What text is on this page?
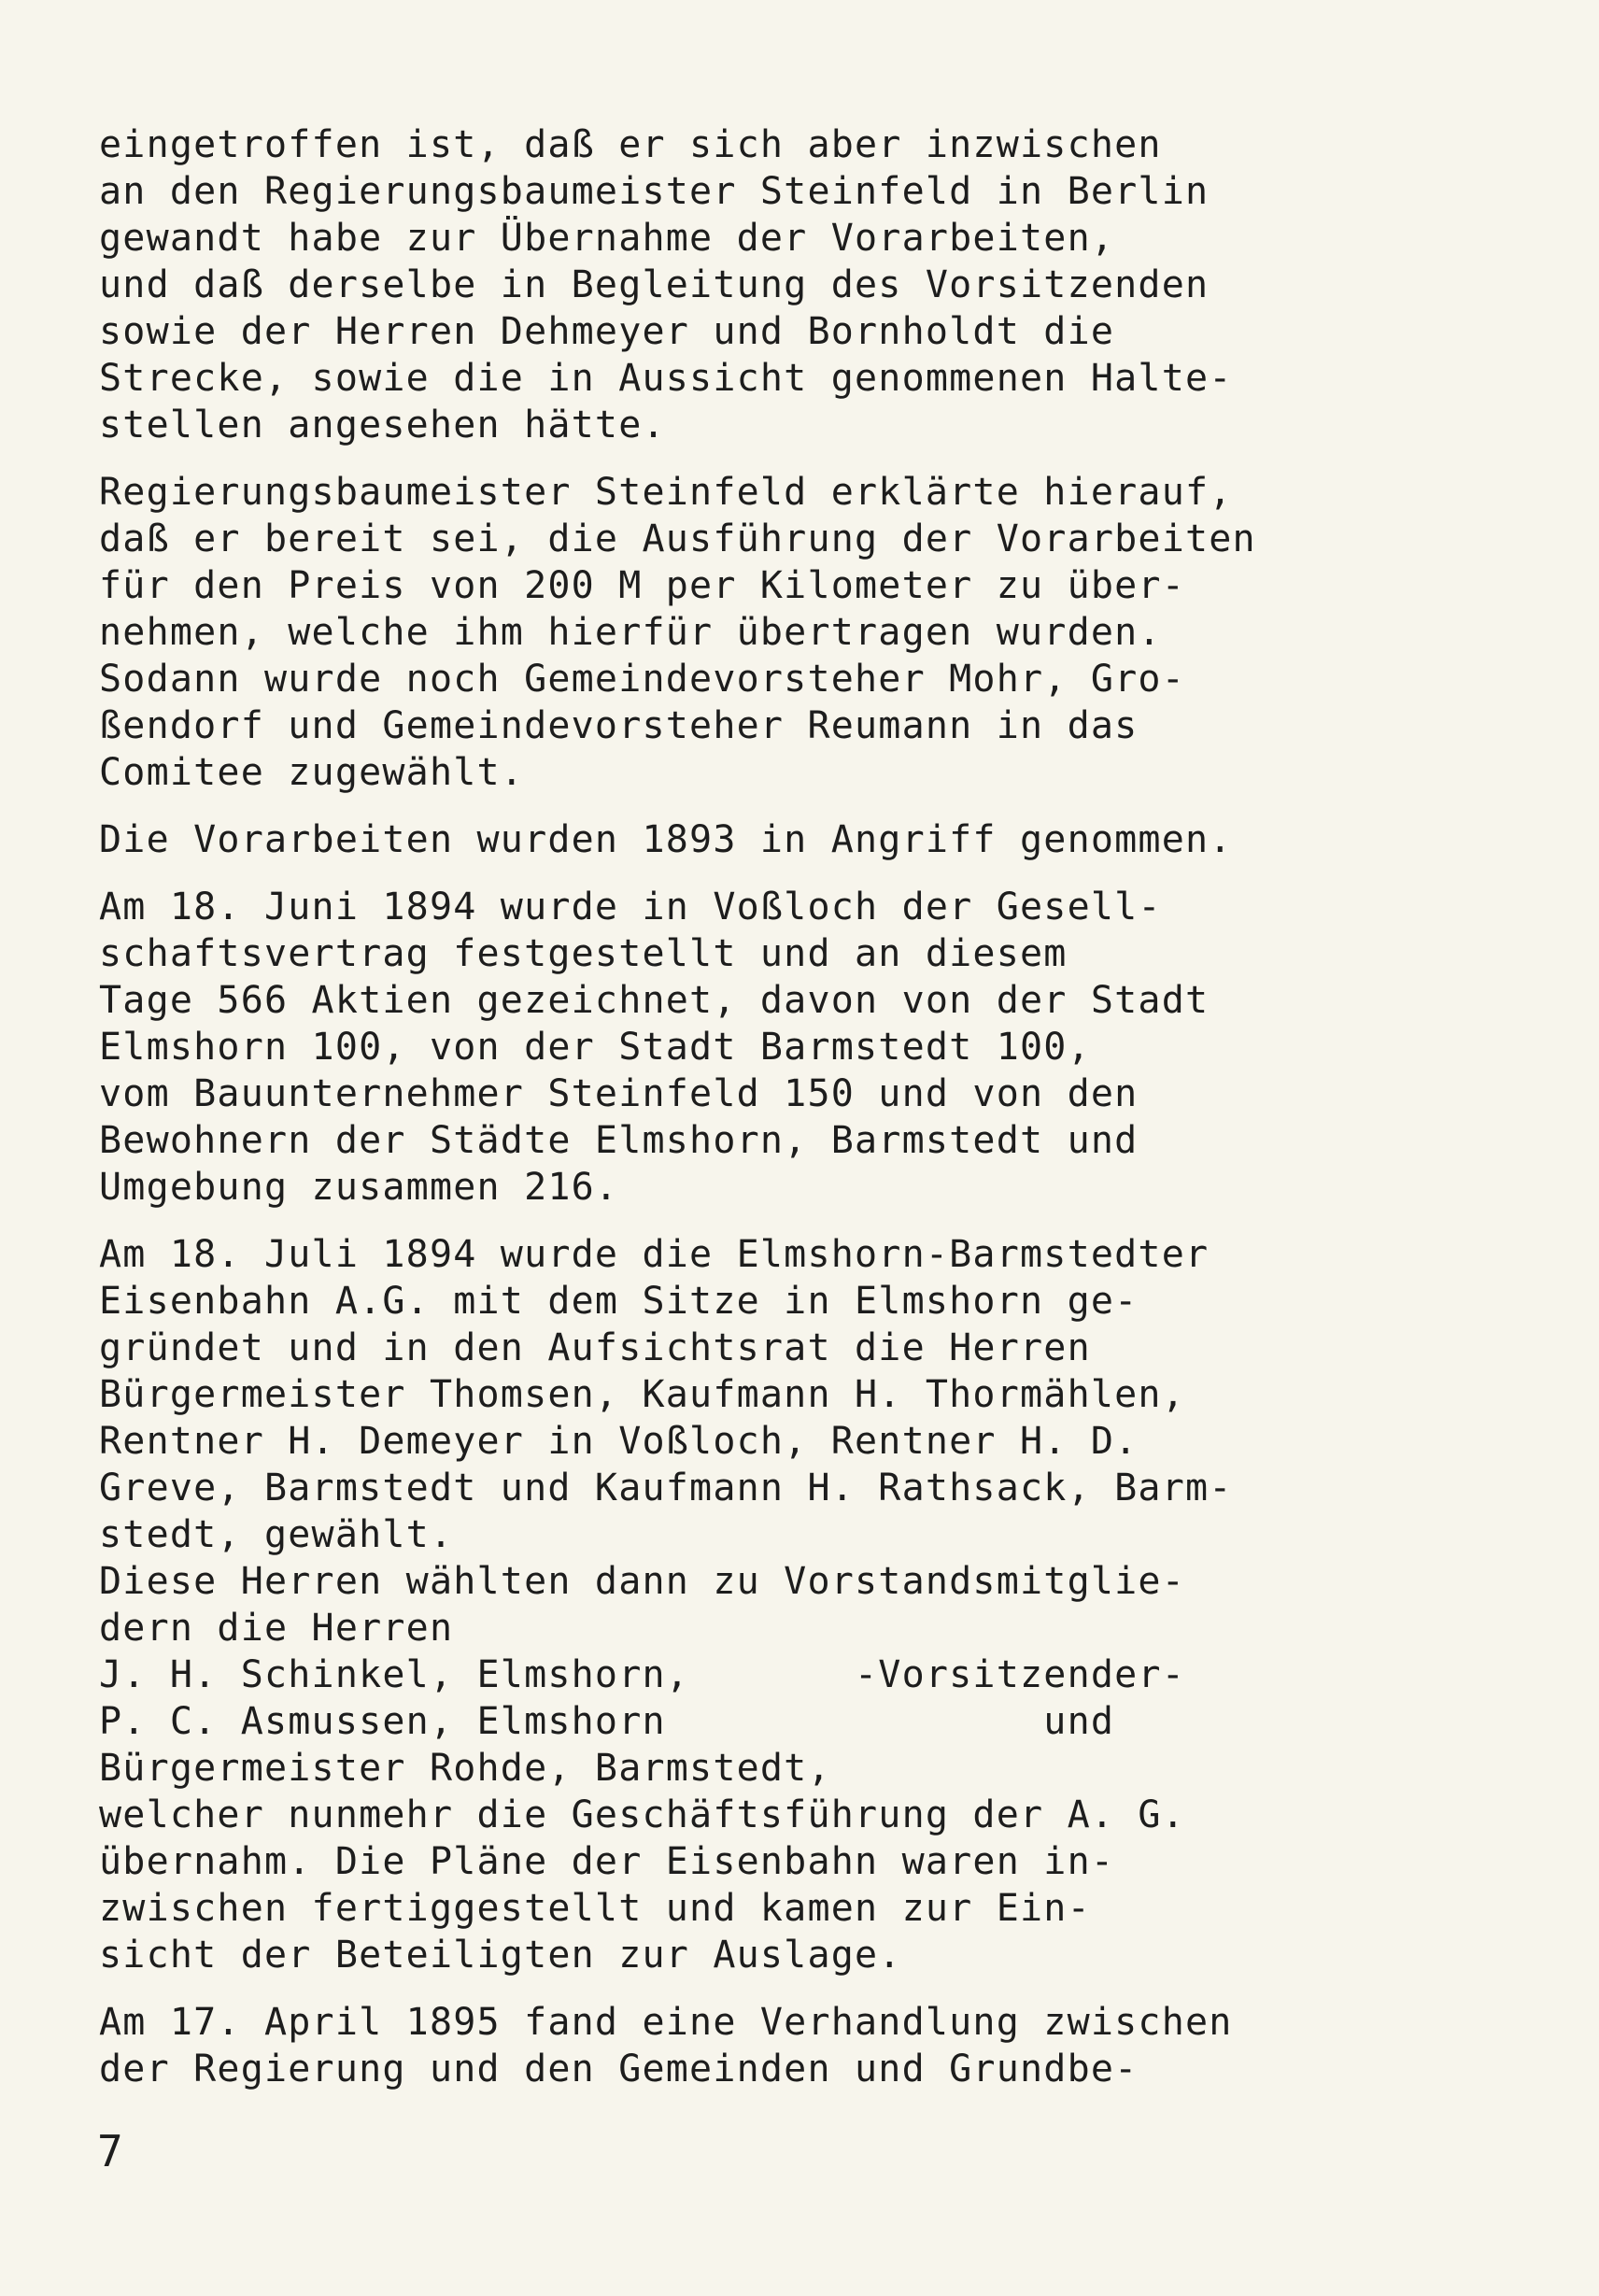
eingetroffen ist, daß er sich aber inzwischen
an den Regierungsbaumeister Steinfeld in Berlin
gewandt habe zur Übernahme der Vorarbeiten,
und daß derselbe in Begleitung des Vorsitzenden
sowie der Herren Dehmeyer und Bornholdt die
Strecke, sowie die in Aussicht genommenen Halte-
stellen angesehen hätte.
Regierungsbaumeister Steinfeld erklärte hierauf,
daß er bereit sei, die Ausführung der Vorarbeiten
für den Preis von 200 M per Kilometer zu über-
nehmen, welche ihm hierfür übertragen wurden.
Sodann wurde noch Gemeindevorsteher Mohr, Gro-
ßendorf und Gemeindevorsteher Reumann in das
Comitee zugewählt.
Die Vorarbeiten wurden 1893 in Angriff genommen.
Am 18. Juni 1894 wurde in Voßloch der Gesell-
schaftsvertrag festgestellt und an diesem
Tage 566 Aktien gezeichnet, davon von der Stadt
Elmshorn 100, von der Stadt Barmstedt 100,
vom Bauunternehmer Steinfeld 150 und von den
Bewohnern der Städte Elmshorn, Barmstedt und
Umgebung zusammen 216.
Am 18. Juli 1894 wurde die Elmshorn-Barmstedter
Eisenbahn A.G. mit dem Sitze in Elmshorn ge-
gründet und in den Aufsichtsrat die Herren
Bürgermeister Thomsen, Kaufmann H. Thormählen,
Rentner H. Demeyer in Voßloch, Rentner H. D.
Greve, Barmstedt und Kaufmann H. Rathsack, Barm-
stedt, gewählt.
Diese Herren wählten dann zu Vorstandsmitglie-
dern die Herren
J. H. Schinkel, Elmshorn,       -Vorsitzender-
P. C. Asmussen, Elmshorn                und
Bürgermeister Rohde, Barmstedt,
welcher nunmehr die Geschäftsführung der A. G.
übernahm. Die Pläne der Eisenbahn waren in-
zwischen fertiggestellt und kamen zur Ein-
sicht der Beteiligten zur Auslage.
Am 17. April 1895 fand eine Verhandlung zwischen
der Regierung und den Gemeinden und Grundbe-
7
